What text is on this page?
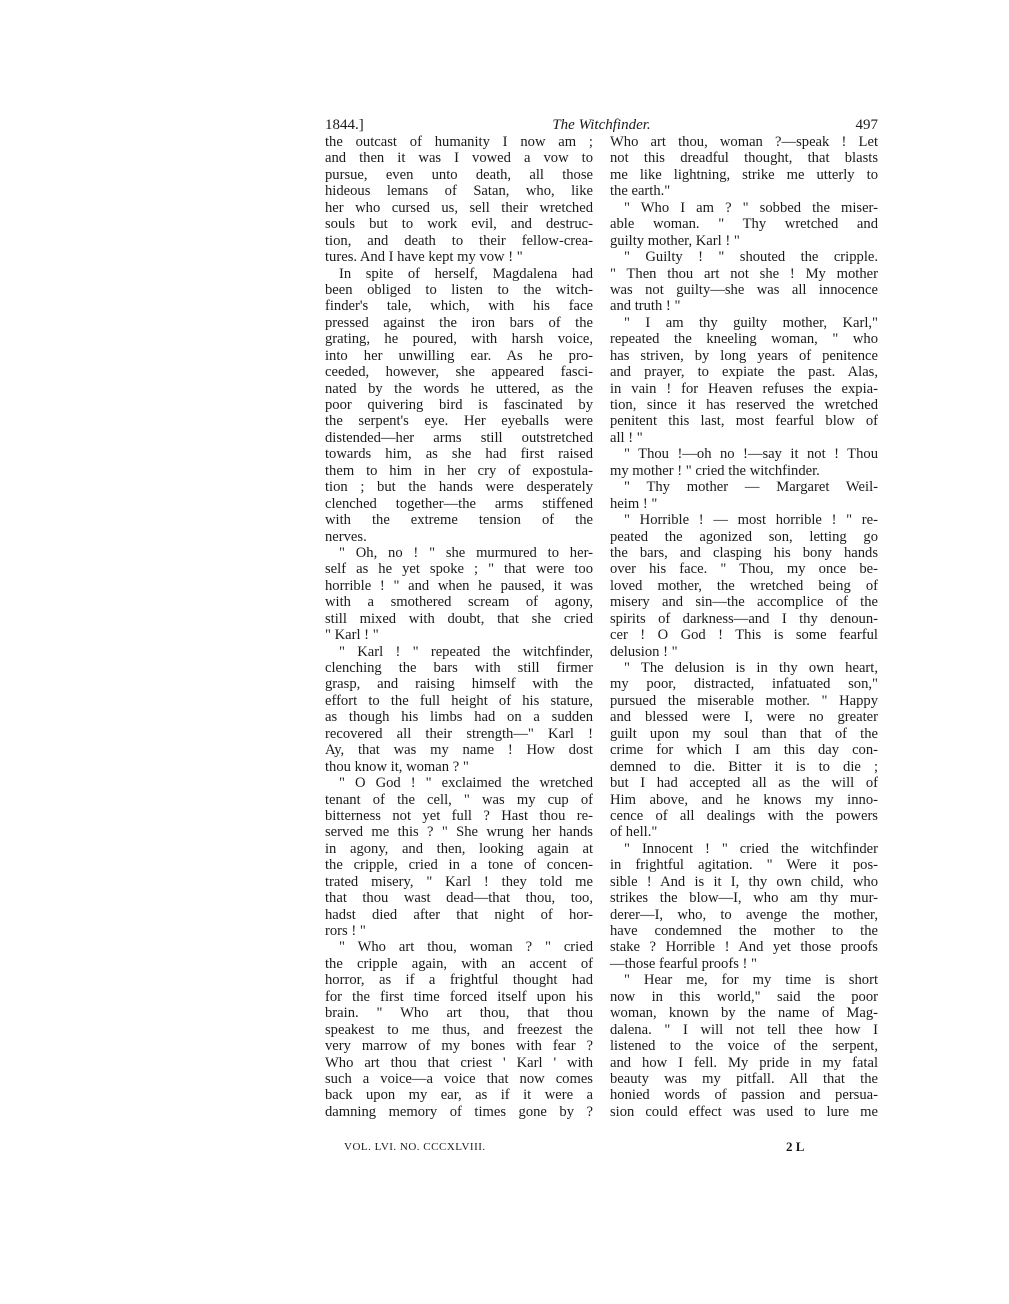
1844.]	The Witchfinder.	497
the outcast of humanity I now am ;
and then it was I vowed a vow to
pursue, even unto death, all those
hideous lemans of Satan, who, like
her who cursed us, sell their wretched
souls but to work evil, and destruc-
tion, and death to their fellow-crea-
tures. And I have kept my vow ! "
In spite of herself, Magdalena had
been obliged to listen to the witch-
finder's tale, which, with his face
pressed against the iron bars of the
grating, he poured, with harsh voice,
into her unwilling ear. As he pro-
ceeded, however, she appeared fasci-
nated by the words he uttered, as the
poor quivering bird is fascinated by
the serpent's eye. Her eyeballs were
distended—her arms still outstretched
towards him, as she had first raised
them to him in her cry of expostula-
tion ; but the hands were desperately
clenched together—the arms stiffened
with the extreme tension of the
nerves.
" Oh, no ! " she murmured to her-
self as he yet spoke ; " that were too
horrible ! " and when he paused, it was
with a smothered scream of agony,
still mixed with doubt, that she cried
" Karl ! "
" Karl ! " repeated the witchfinder,
clenching the bars with still firmer
grasp, and raising himself with the
effort to the full height of his stature,
as though his limbs had on a sudden
recovered all their strength—" Karl !
Ay, that was my name ! How dost
thou know it, woman ? "
" O God ! " exclaimed the wretched
tenant of the cell, " was my cup of
bitterness not yet full ? Hast thou re-
served me this ? " She wrung her hands
in agony, and then, looking again at
the cripple, cried in a tone of concen-
trated misery, " Karl ! they told me
that thou wast dead—that thou, too,
hadst died after that night of hor-
rors ! "
" Who art thou, woman ? " cried
the cripple again, with an accent of
horror, as if a frightful thought had
for the first time forced itself upon his
brain. " Who art thou, that thou
speakest to me thus, and freezest the
very marrow of my bones with fear ?
Who art thou that criest ' Karl ' with
such a voice—a voice that now comes
back upon my ear, as if it were a
damning memory of times gone by ?
Who art thou, woman ?—speak ! Let
not this dreadful thought, that blasts
me like lightning, strike me utterly to
the earth."
" Who I am ? " sobbed the miser-
able woman. " Thy wretched and
guilty mother, Karl ! "
" Guilty ! " shouted the cripple.
" Then thou art not she ! My mother
was not guilty—she was all innocence
and truth ! "
" I am thy guilty mother, Karl,"
repeated the kneeling woman, " who
has striven, by long years of penitence
and prayer, to expiate the past. Alas,
in vain ! for Heaven refuses the expia-
tion, since it has reserved the wretched
penitent this last, most fearful blow of
all ! "
" Thou !—oh no !—say it not ! Thou
my mother ! " cried the witchfinder.
" Thy mother — Margaret Weil-
heim ! "
" Horrible ! — most horrible ! " re-
peated the agonized son, letting go
the bars, and clasping his bony hands
over his face. " Thou, my once be-
loved mother, the wretched being of
misery and sin—the accomplice of the
spirits of darkness—and I thy denoun-
cer ! O God ! This is some fearful
delusion ! "
" The delusion is in thy own heart,
my poor, distracted, infatuated son,"
pursued the miserable mother. " Happy
and blessed were I, were no greater
guilt upon my soul than that of the
crime for which I am this day con-
demned to die. Bitter it is to die ;
but I had accepted all as the will of
Him above, and he knows my inno-
cence of all dealings with the powers
of hell."
" Innocent ! " cried the witchfinder
in frightful agitation. " Were it pos-
sible ! And is it I, thy own child, who
strikes the blow—I, who am thy mur-
derer—I, who, to avenge the mother,
have condemned the mother to the
stake ? Horrible ! And yet those proofs
—those fearful proofs ! "
" Hear me, for my time is short
now in this world," said the poor
woman, known by the name of Mag-
dalena. " I will not tell thee how I
listened to the voice of the serpent,
and how I fell. My pride in my fatal
beauty was my pitfall. All that the
honied words of passion and persua-
sion could effect was used to lure me
VOL. LVI. NO. CCCXLVIII.	2 L
